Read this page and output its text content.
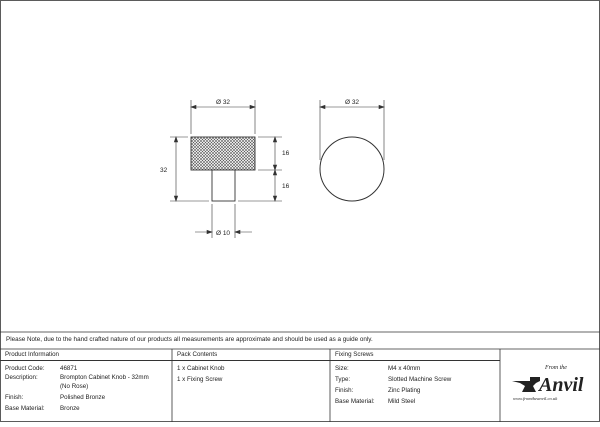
Ø 32	Ø 32
32
16
16
Ø 10
Please Note, due to the hand crafted nature of our products all measurements are approximate and should be used as a guide only.
Product Information
Product Code: 46871
Description:	Brompton Cabinet Knob - 32mm
(No Rose)
Finish:	Polished Bronze
Base Material: Bronze
Pack Contents
1 x Cabinet Knob
1 x Fixing Screw
Fixing Screws
Size:	M4 x 40mm
Type:	Slotted Machine Screw
Finish:	Zinc Plating
Base Material: Mild Steel
From the
Anvil
www.fromtheanvil.co.uk
